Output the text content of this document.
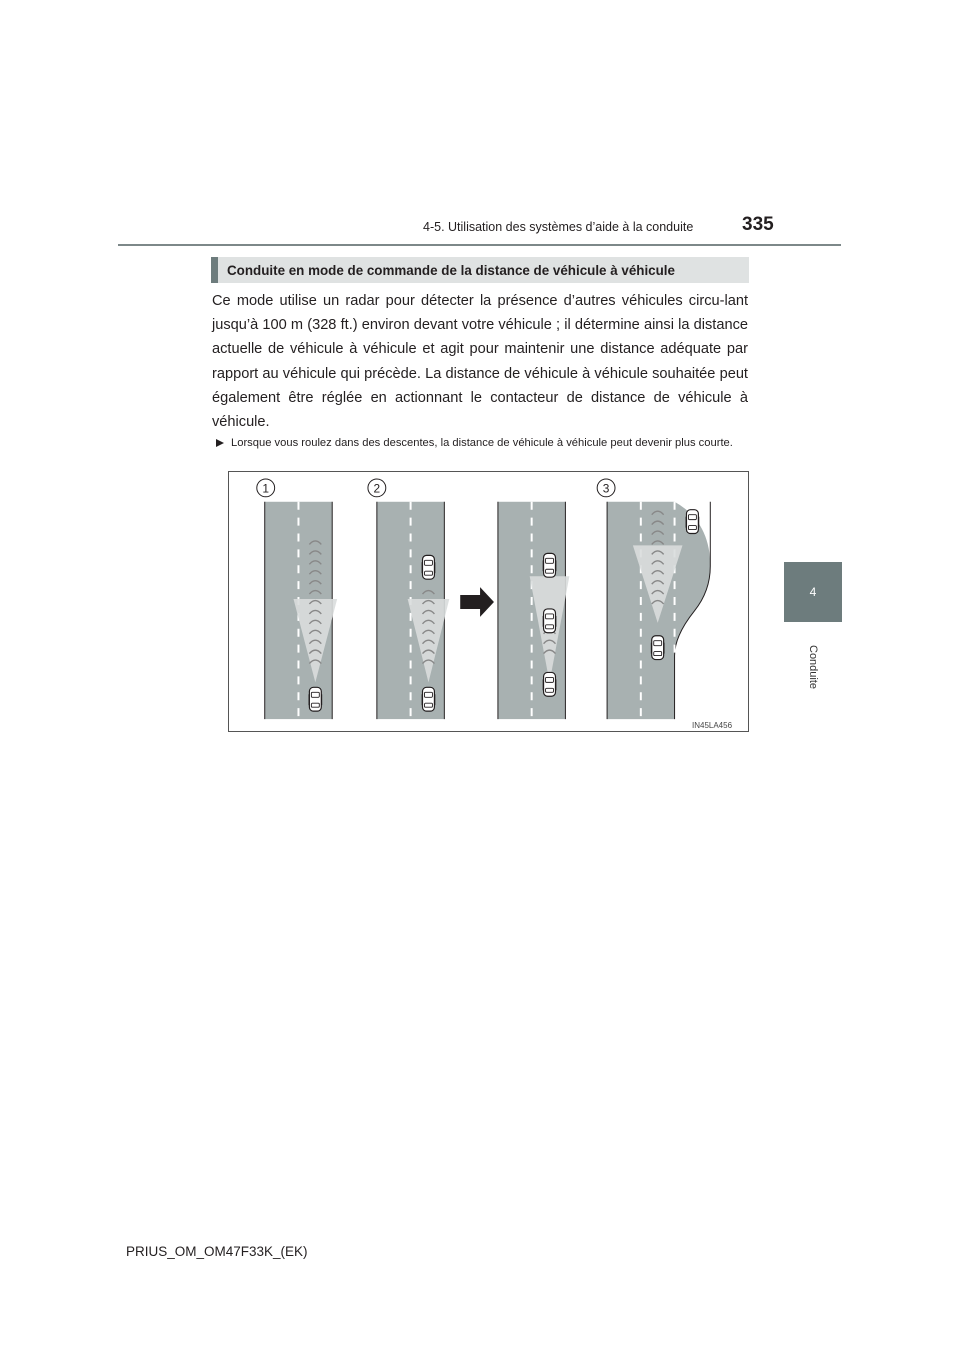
4-5. Utilisation des systèmes d’aide à la conduite	335
4
Conduite
Conduite en mode de commande de la distance de véhicule à véhicule

Ce mode utilise un radar pour détecter la présence d’autres véhicules circu-lant jusqu’à 100 m (328 ft.) environ devant votre véhicule ; il détermine ainsi la distance actuelle de véhicule à véhicule et agit pour maintenir une distance adéquate par rapport au véhicule qui précède. La distance de véhicule à véhicule souhaitée peut également être réglée en actionnant le contacteur de distance de véhicule à véhicule.

Lorsque vous roulez dans des descentes, la distance de véhicule à véhicule peut devenir plus courte.

1	2	3
IN45LA456
PRIUS_OM_OM47F33K_(EK)
